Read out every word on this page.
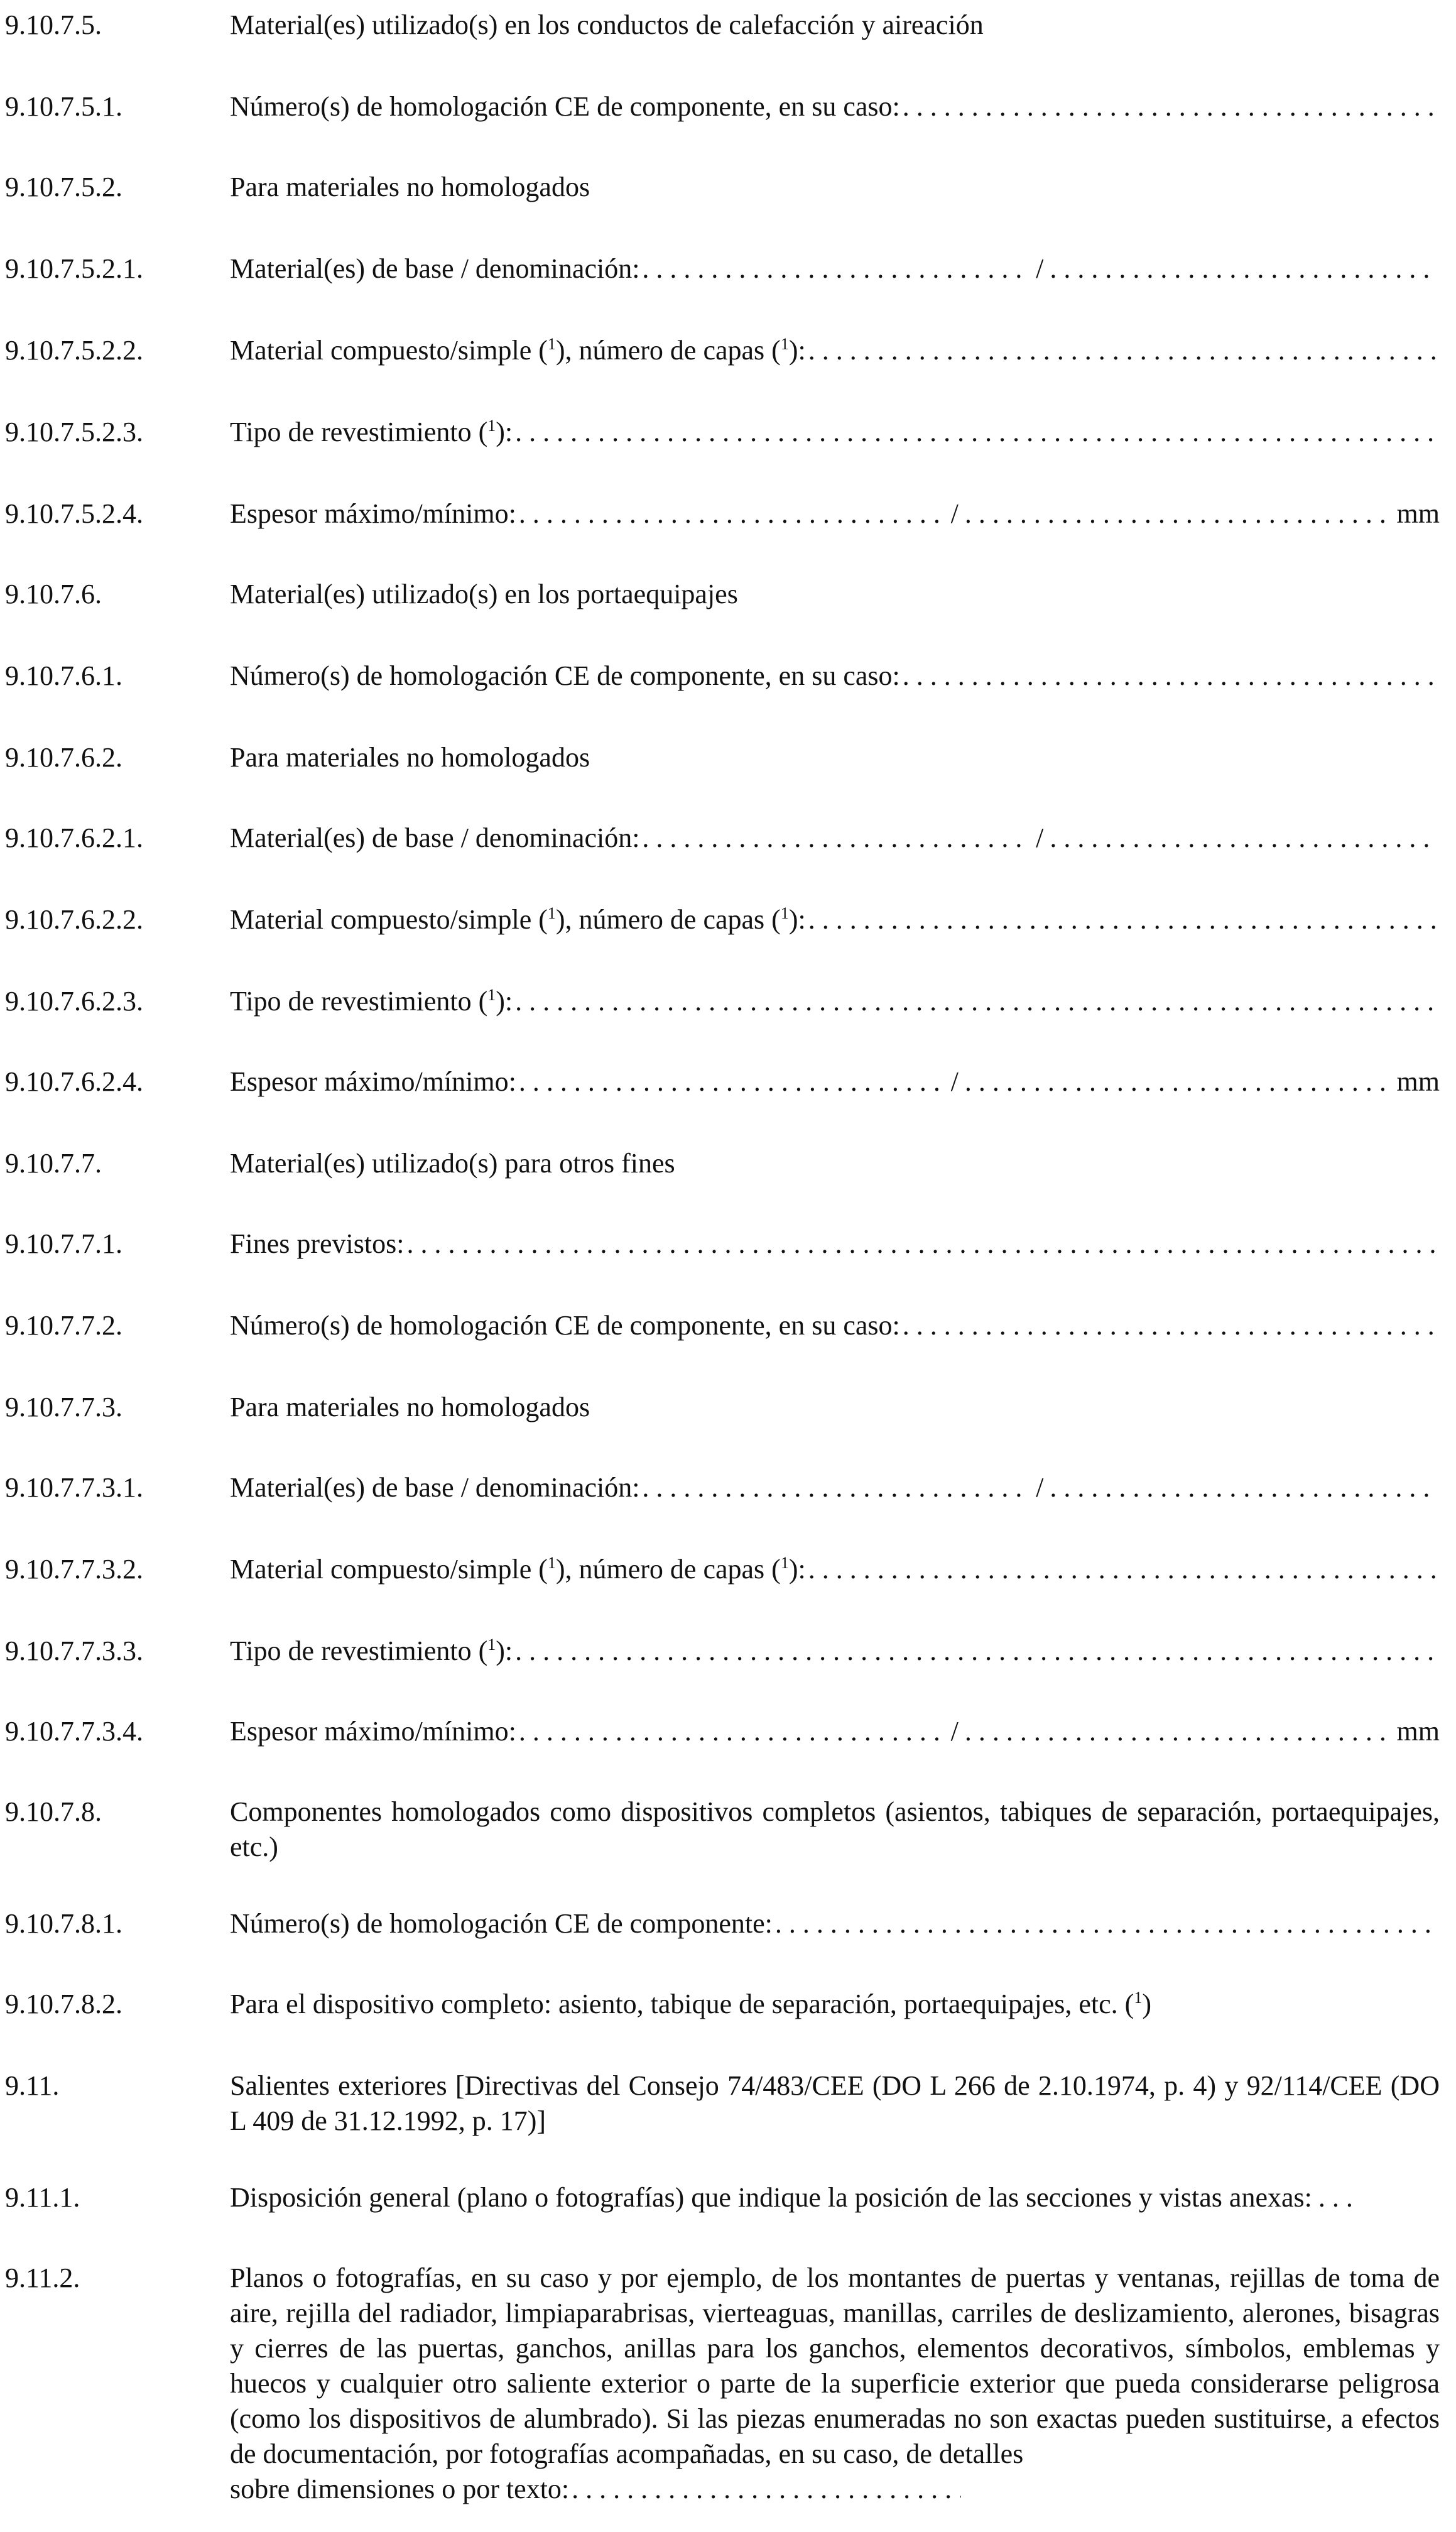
9.10.7.5.	Material(es) utilizado(s) en los conductos de calefacción y aireación
9.10.7.5.1.	Número(s) de homologación CE de componente, en su caso:
. . .
9.10.7.5.2.	Para materiales no homologados
9.10.7.5.2.1.	Material(es) de base / denominación: . . .	/
. . .
9.10.7.5.2.2.	Material compuesto/simple ($^1$), número de capas ($^1$):
. . .
9.10.7.5.2.3.	Tipo de revestimiento ($^1$):
. . .
9.10.7.5.2.4.	Espesor máximo/mínimo: . . .	/ . . .	mm
9.10.7.6.	Material(es) utilizado(s) en los portaequipajes
9.10.7.6.1.	Número(s) de homologación CE de componente, en su caso:
. . .
9.10.7.6.2.	Para materiales no homologados
9.10.7.6.2.1.	Material(es) de base / denominación: . . .	/
. . .
9.10.7.6.2.2.	Material compuesto/simple ($^1$), número de capas ($^1$):
. . .
9.10.7.6.2.3.	Tipo de revestimiento ($^1$):
. . .
9.10.7.6.2.4.	Espesor máximo/mínimo: . . .	/ . . .	mm
9.10.7.7.	Material(es) utilizado(s) para otros fines
9.10.7.7.1.	Fines previstos:
. . .
9.10.7.7.2.	Número(s) de homologación CE de componente, en su caso:
. . .
9.10.7.7.3.	Para materiales no homologados
9.10.7.7.3.1.	Material(es) de base / denominación: . . .	/
. . .
9.10.7.7.3.2.	Material compuesto/simple ($^1$), número de capas ($^1$):
. . .
9.10.7.7.3.3.	Tipo de revestimiento ($^1$):
. . .
9.10.7.7.3.4.	Espesor máximo/mínimo: . . .	/ . . .	mm
9.10.7.8.	Componentes homologados como dispositivos completos (asientos, tabiques de separación, portaequipajes, etc.)
9.10.7.8.1.	Número(s) de homologación CE de componente:
. . .
9.10.7.8.2.	Para el dispositivo completo: asiento, tabique de separación, portaequipajes, etc. ($^1$)
9.11.	Salientes exteriores [Directivas del Consejo 74/483/CEE (DO L 266 de 2.10.1974, p. 4) y 92/114/CEE (DO L 409 de 31.12.1992, p. 17)]
9.11.1.	Disposición general (plano o fotografías) que indique la posición de las secciones y vistas anexas: . . .
9.11.2.	Planos o fotografías, en su caso y por ejemplo, de los montantes de puertas y ventanas, rejillas de toma de aire, rejilla del radiador, limpiaparabrisas, vierteaguas, manillas, carriles de deslizamiento, alerones, bisagras y cierres de las puertas, ganchos, anillas para los ganchos, elementos decorativos, símbolos, emblemas y huecos y cualquier otro saliente exterior o parte de la superficie exterior que pueda considerarse peligrosa (como los dispositivos de alumbrado). Si las piezas enumeradas no son exactas pueden sustituirse, a efectos de documentación, por fotografías acompañadas, en su caso, de detalles
sobre dimensiones o por texto:
. . .
